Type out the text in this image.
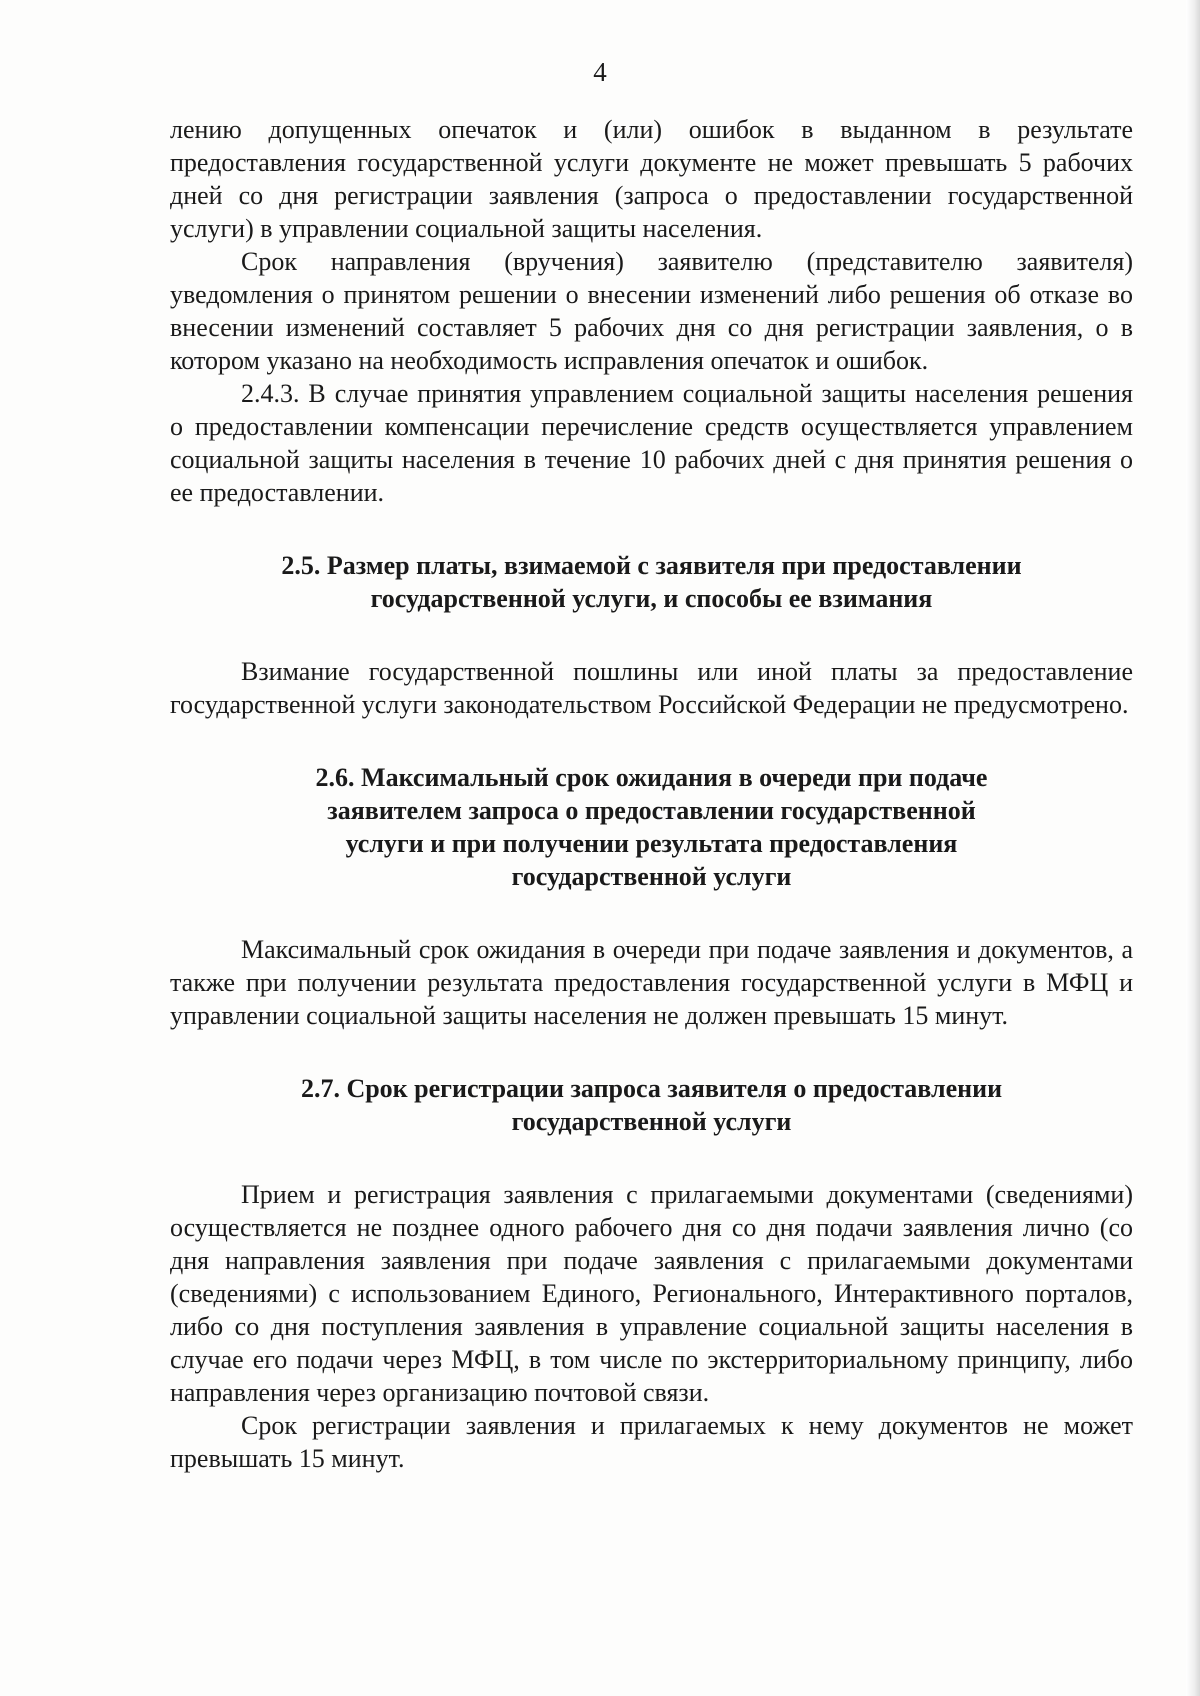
4

лению допущенных опечаток и (или) ошибок в выданном в результате предоставления государственной услуги документе не может превышать 5 рабочих дней со дня регистрации заявления (запроса о предоставлении государственной услуги) в управлении социальной защиты населения.

Срок направления (вручения) заявителю (представителю заявителя) уведомления о принятом решении о внесении изменений либо решения об отказе во внесении изменений составляет 5 рабочих дня со дня регистрации заявления, о в котором указано на необходимость исправления опечаток и ошибок.

2.4.3. В случае принятия управлением социальной защиты населения решения о предоставлении компенсации перечисление средств осуществляется управлением социальной защиты населения в течение 10 рабочих дней с дня принятия решения о ее предоставлении.

2.5. Размер платы, взимаемой с заявителя при предоставлении
государственной услуги, и способы ее взимания

Взимание государственной пошлины или иной платы за предоставление государственной услуги законодательством Российской Федерации не предусмотрено.

2.6. Максимальный срок ожидания в очереди при подаче
заявителем запроса о предоставлении государственной
услуги и при получении результата предоставления
государственной услуги

Максимальный срок ожидания в очереди при подаче заявления и документов, а также при получении результата предоставления государственной услуги в МФЦ и управлении социальной защиты населения не должен превышать 15 минут.

2.7. Срок регистрации запроса заявителя о предоставлении
государственной услуги

Прием и регистрация заявления с прилагаемыми документами (сведениями) осуществляется не позднее одного рабочего дня со дня подачи заявления лично (со дня направления заявления при подаче заявления с прилагаемыми документами (сведениями) с использованием Единого, Регионального, Интерактивного порталов, либо со дня поступления заявления в управление социальной защиты населения в случае его подачи через МФЦ, в том числе по экстерриториальному принципу, либо направления через организацию почтовой связи.

Срок регистрации заявления и прилагаемых к нему документов не может превышать 15 минут.
